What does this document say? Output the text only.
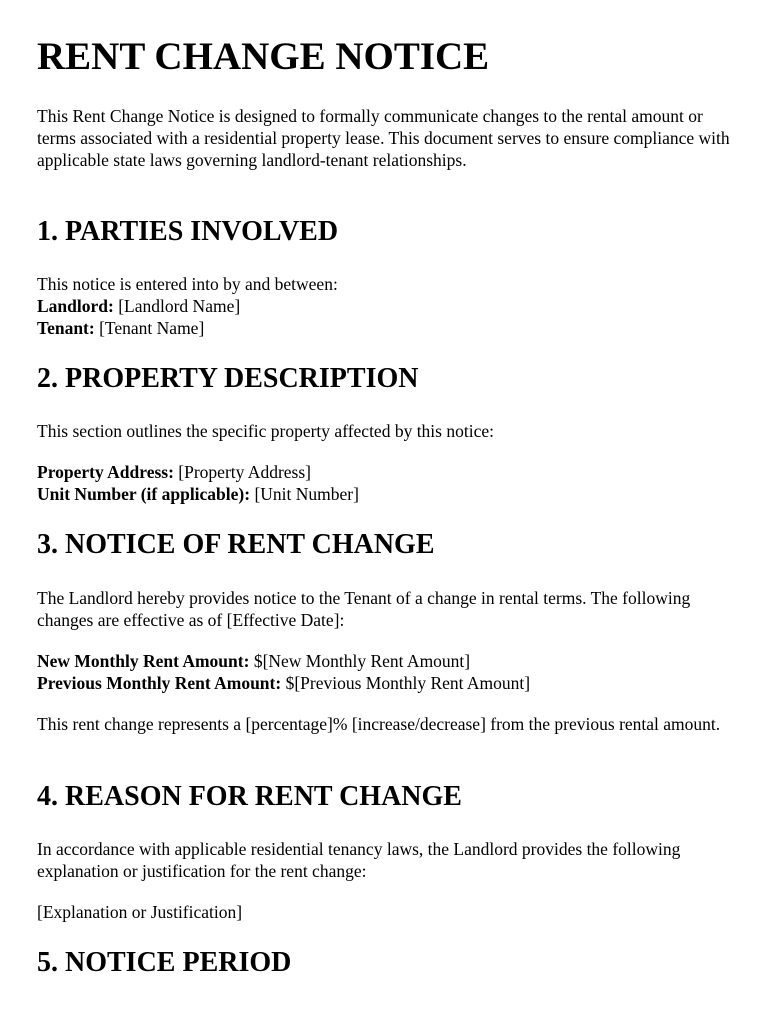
RENT CHANGE NOTICE

This Rent Change Notice is designed to formally communicate changes to the rental amount or terms associated with a residential property lease. This document serves to ensure compliance with applicable state laws governing landlord-tenant relationships.

1. PARTIES INVOLVED
This notice is entered into by and between:
Landlord: [Landlord Name]
Tenant: [Tenant Name]
2. PROPERTY DESCRIPTION

This section outlines the specific property affected by this notice:

Property Address: [Property Address]
Unit Number (if applicable): [Unit Number]
3. NOTICE OF RENT CHANGE

The Landlord hereby provides notice to the Tenant of a change in rental terms. The following changes are effective as of [Effective Date]:

New Monthly Rent Amount: $[New Monthly Rent Amount]
Previous Monthly Rent Amount: $[Previous Monthly Rent Amount]

This rent change represents a [percentage]% [increase/decrease] from the previous rental amount.

4. REASON FOR RENT CHANGE

In accordance with applicable residential tenancy laws, the Landlord provides the following explanation or justification for the rent change:

[Explanation or Justification]

5. NOTICE PERIOD
